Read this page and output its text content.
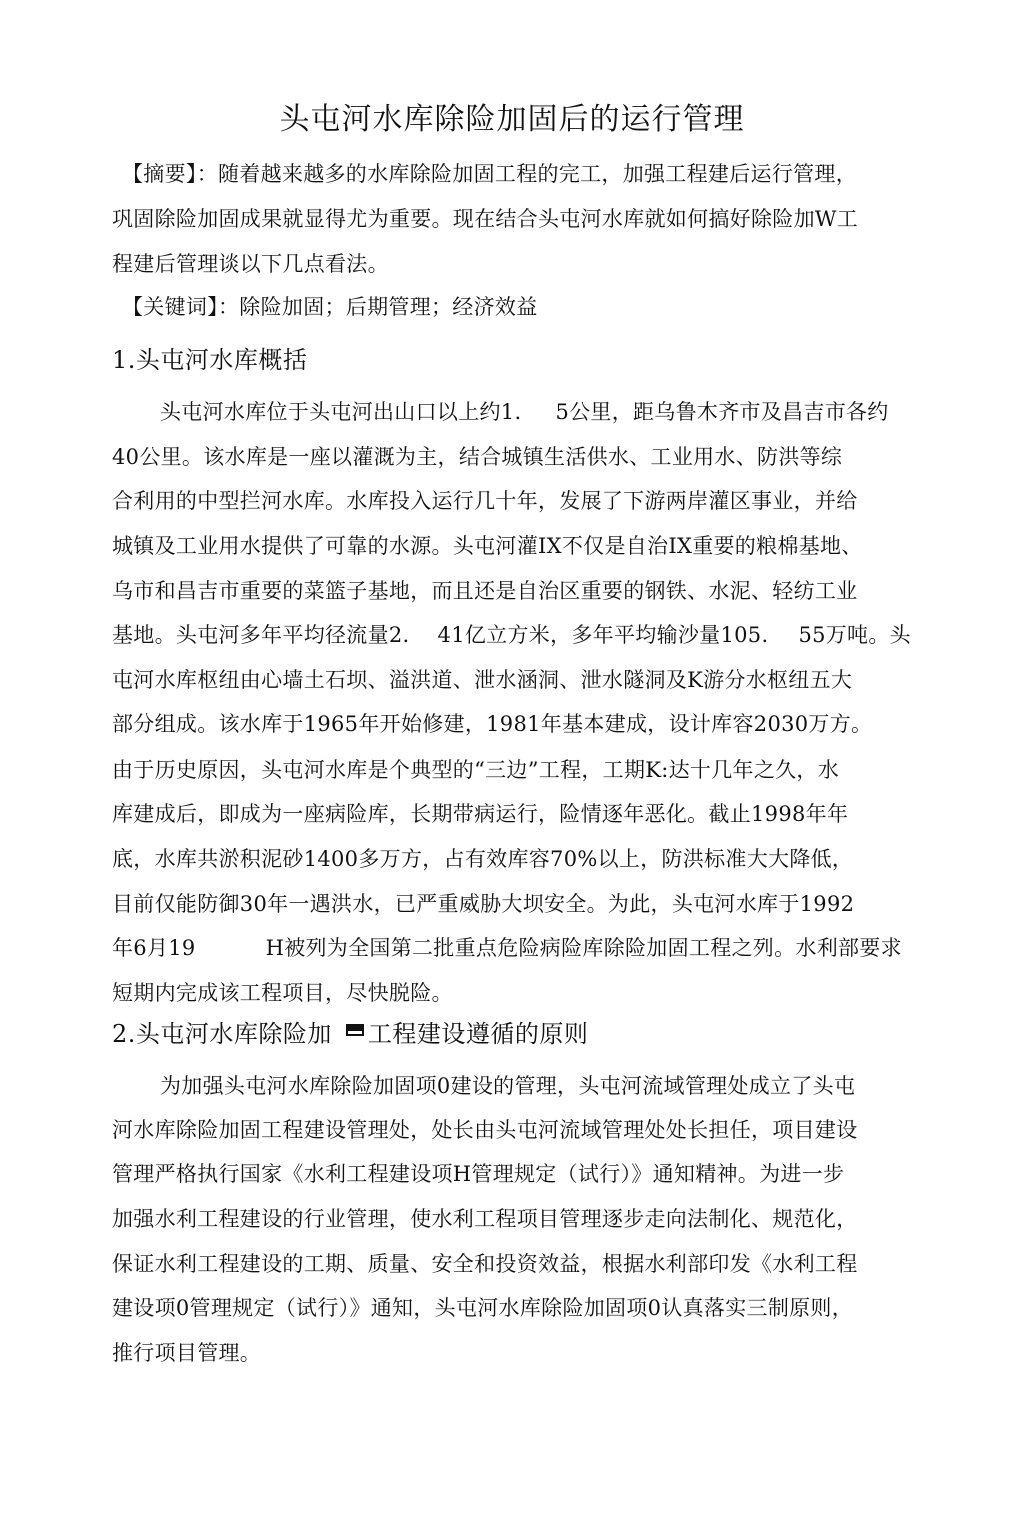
头屯河水库除险加固后的运行管理
【摘要】：随着越来越多的水库除险加固工程的完工，加强工程建后运行管理，
巩固除险加固成果就显得尤为重要。现在结合头屯河水库就如何搞好除险加W工
程建后管理谈以下几点看法。
【关键词】：除险加固；后期管理；经济效益
1.头屯河水库概括
头屯河水库位于头屯河出山口以上约1. 5公里，距乌鲁木齐市及昌吉市各约
40公里。该水库是一座以灌溉为主，结合城镇生活供水、工业用水、防洪等综
合利用的中型拦河水库。水库投入运行几十年，发展了下游两岸灌区事业，并给
城镇及工业用水提供了可靠的水源。头屯河灌IX不仅是自治IX重要的粮棉基地、
乌市和昌吉市重要的菜篮子基地，而且还是自治区重要的钢铁、水泥、轻纺工业
基地。头屯河多年平均径流量2. 41亿立方米，多年平均输沙量105. 55万吨。头
屯河水库枢纽由心墙土石坝、溢洪道、泄水涵洞、泄水隧洞及K游分水枢纽五大
部分组成。该水库于1965年开始修建，1981年基本建成，设计库容2030万方。
由于历史原因，头屯河水库是个典型的“三边”工程，工期K:达十几年之久，水
库建成后，即成为一座病险库，长期带病运行，险情逐年恶化。截止1998年年
底，水库共淤积泥砂1400多万方，占有效库容70%以上，防洪标准大大降低，
目前仅能防御30年一遇洪水，已严重威胁大坝安全。为此，头屯河水库于1992
年6月19	H被列为全国第二批重点危险病险库除险加固工程之列。水利部要求
短期内完成该工程项目，尽快脱险。
2.头屯河水库除险加 工程建设遵循的原则
为加强头屯河水库除险加固项0建设的管理，头屯河流域管理处成立了头屯
河水库除险加固工程建设管理处，处长由头屯河流域管理处处长担任，项目建设
管理严格执行国家《水利工程建设项H管理规定（试行）》通知精神。为进一步
加强水利工程建设的行业管理，使水利工程项目管理逐步走向法制化、规范化，
保证水利工程建设的工期、质量、安全和投资效益，根据水利部印发《水利工程
建设项0管理规定（试行）》通知，头屯河水库除险加固项0认真落实三制原则，
推行项目管理。
